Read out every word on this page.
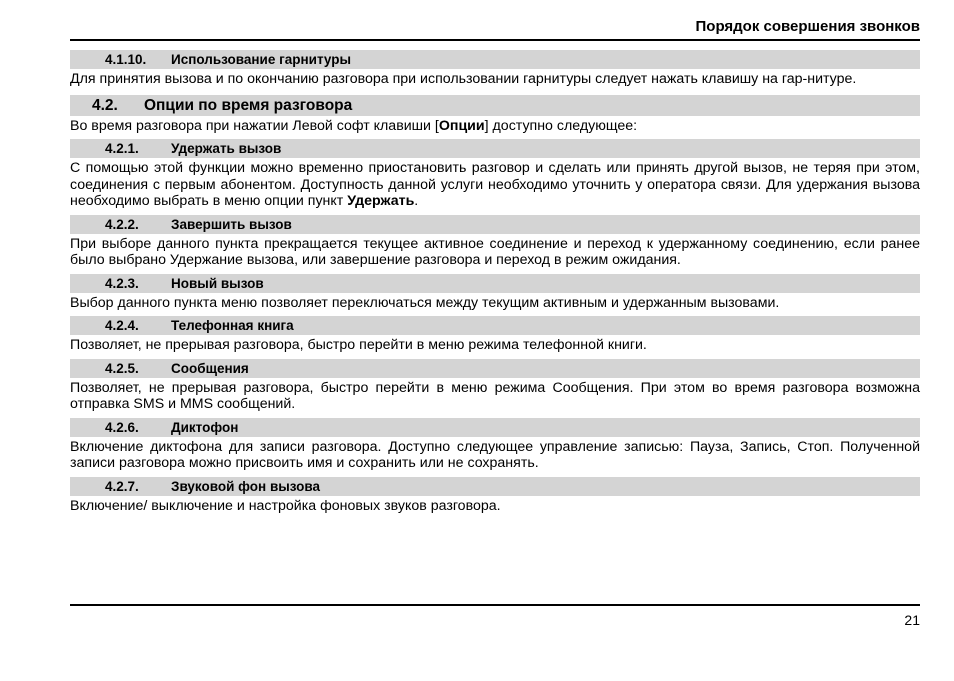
Порядок совершения звонков
4.1.10. Использование гарнитуры

Для принятия вызова и по окончанию разговора при использовании гарнитуры следует нажать клавишу на гар-нитуре.

4.2. Опции по время разговора

Во время разговора при нажатии Левой софт клавиши [Опции] доступно следующее:

4.2.1. Удержать вызов

С помощью этой функции можно временно приостановить разговор и сделать или принять другой вызов, не теряя при этом, соединения с первым абонентом. Доступность данной услуги необходимо уточнить у оператора связи. Для удержания вызова необходимо выбрать в меню опции пункт Удержать.

4.2.2. Завершить вызов

При выборе данного пункта прекращается текущее активное соединение и переход к удержанному соединению, если ранее было выбрано Удержание вызова, или завершение разговора и переход в режим ожидания.

4.2.3. Новый вызов

Выбор данного пункта меню позволяет переключаться между текущим активным и удержанным вызовами.

4.2.4. Телефонная книга

Позволяет, не прерывая разговора, быстро перейти в меню режима телефонной книги.

4.2.5. Сообщения

Позволяет, не прерывая разговора, быстро перейти в меню режима Сообщения. При этом во время разговора возможна отправка SMS и MMS сообщений.

4.2.6. Диктофон

Включение диктофона для записи разговора. Доступно следующее управление записью: Пауза, Запись, Стоп. Полученной записи разговора можно присвоить имя и сохранить или не сохранять.

4.2.7. Звуковой фон вызова

Включение/ выключение и настройка фоновых звуков разговора.

21
